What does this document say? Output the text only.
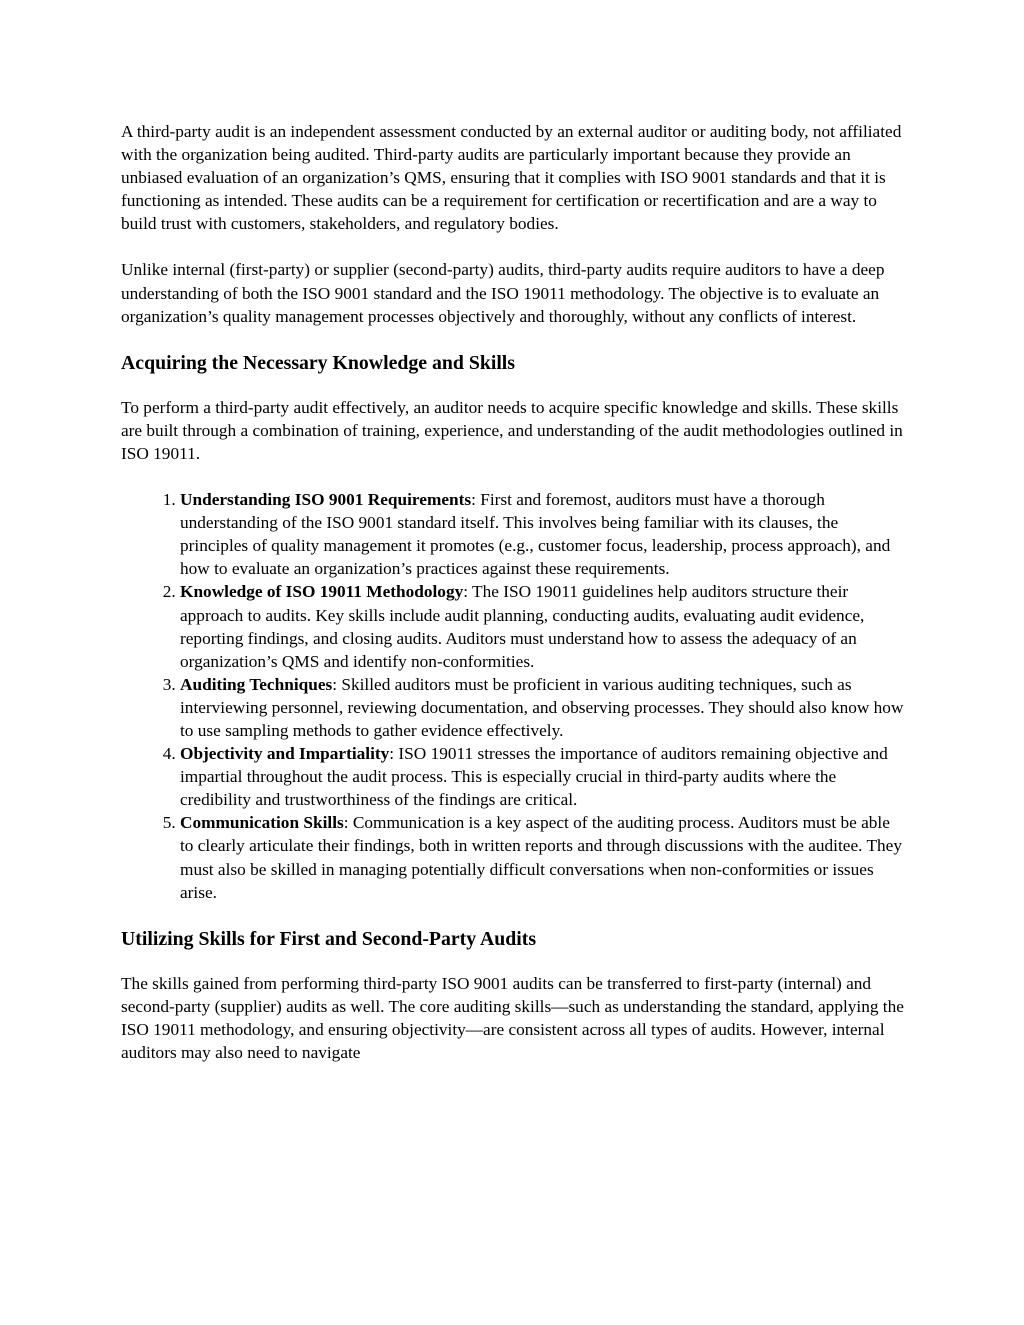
A third-party audit is an independent assessment conducted by an external auditor or auditing body, not affiliated with the organization being audited. Third-party audits are particularly important because they provide an unbiased evaluation of an organization’s QMS, ensuring that it complies with ISO 9001 standards and that it is functioning as intended. These audits can be a requirement for certification or recertification and are a way to build trust with customers, stakeholders, and regulatory bodies.

Unlike internal (first-party) or supplier (second-party) audits, third-party audits require auditors to have a deep understanding of both the ISO 9001 standard and the ISO 19011 methodology. The objective is to evaluate an organization’s quality management processes objectively and thoroughly, without any conflicts of interest.

Acquiring the Necessary Knowledge and Skills

To perform a third-party audit effectively, an auditor needs to acquire specific knowledge and skills. These skills are built through a combination of training, experience, and understanding of the audit methodologies outlined in ISO 19011.

1. Understanding ISO 9001 Requirements: First and foremost, auditors must have a thorough understanding of the ISO 9001 standard itself. This involves being familiar with its clauses, the principles of quality management it promotes (e.g., customer focus, leadership, process approach), and how to evaluate an organization’s practices against these requirements.
2. Knowledge of ISO 19011 Methodology: The ISO 19011 guidelines help auditors structure their approach to audits. Key skills include audit planning, conducting audits, evaluating audit evidence, reporting findings, and closing audits. Auditors must understand how to assess the adequacy of an organization’s QMS and identify non-conformities.
3. Auditing Techniques: Skilled auditors must be proficient in various auditing techniques, such as interviewing personnel, reviewing documentation, and observing processes. They should also know how to use sampling methods to gather evidence effectively.
4. Objectivity and Impartiality: ISO 19011 stresses the importance of auditors remaining objective and impartial throughout the audit process. This is especially crucial in third-party audits where the credibility and trustworthiness of the findings are critical.
5. Communication Skills: Communication is a key aspect of the auditing process. Auditors must be able to clearly articulate their findings, both in written reports and through discussions with the auditee. They must also be skilled in managing potentially difficult conversations when non-conformities or issues arise.
Utilizing Skills for First and Second-Party Audits

The skills gained from performing third-party ISO 9001 audits can be transferred to first-party (internal) and second-party (supplier) audits as well. The core auditing skills—such as understanding the standard, applying the ISO 19011 methodology, and ensuring objectivity—are consistent across all types of audits. However, internal auditors may also need to navigate
